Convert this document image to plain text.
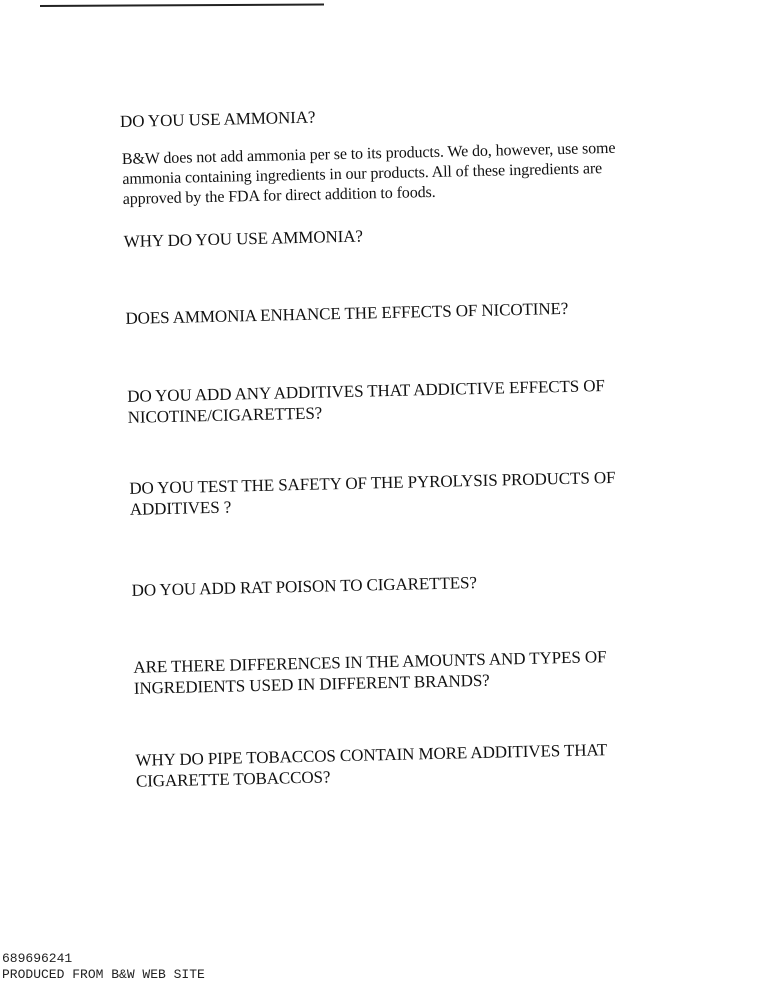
DO YOU USE AMMONIA?
B&W does not add ammonia per se to its products. We do, however, use some ammonia containing ingredients in our products. All of these ingredients are approved by the FDA for direct addition to foods.
WHY DO YOU USE AMMONIA?
DOES AMMONIA ENHANCE THE EFFECTS OF NICOTINE?
DO YOU ADD ANY ADDITIVES THAT ADDICTIVE EFFECTS OF NICOTINE/CIGARETTES?
DO YOU TEST THE SAFETY OF THE PYROLYSIS PRODUCTS OF ADDITIVES ?
DO YOU ADD RAT POISON TO CIGARETTES?
ARE THERE DIFFERENCES IN THE AMOUNTS AND TYPES OF INGREDIENTS USED IN DIFFERENT BRANDS?
WHY DO PIPE TOBACCOS CONTAIN MORE ADDITIVES THAT CIGARETTE TOBACCOS?
689696241
PRODUCED FROM B&W WEB SITE
